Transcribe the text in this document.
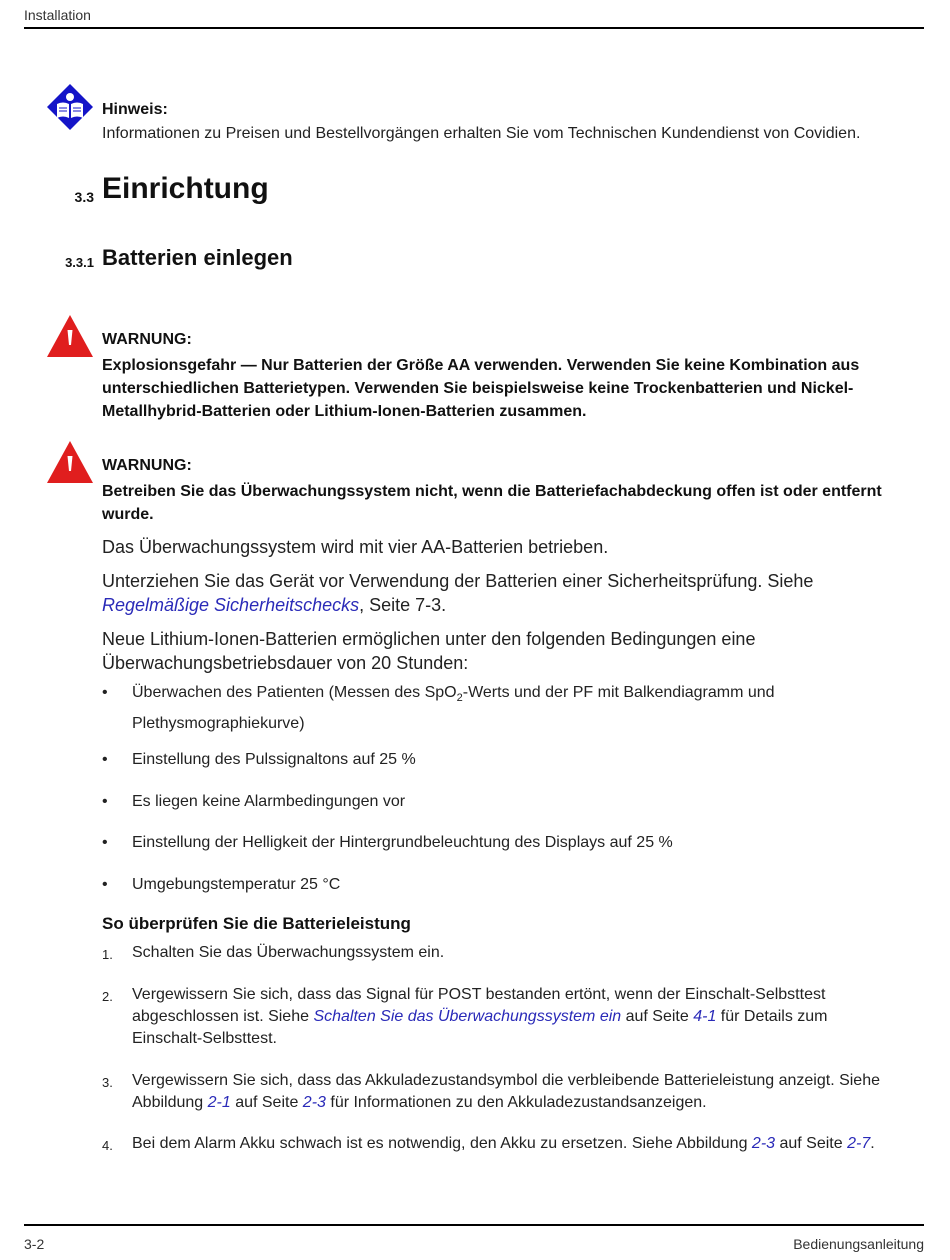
Installation
Hinweis:
Informationen zu Preisen und Bestellvorgängen erhalten Sie vom Technischen Kundendienst von Covidien.
3.3 Einrichtung
3.3.1 Batterien einlegen
WARNUNG:
Explosionsgefahr — Nur Batterien der Größe AA verwenden. Verwenden Sie keine Kombination aus unterschiedlichen Batterietypen. Verwenden Sie beispielsweise keine Trockenbatterien und Nickel-Metallhybrid-Batterien oder Lithium-Ionen-Batterien zusammen.
WARNUNG:
Betreiben Sie das Überwachungssystem nicht, wenn die Batteriefachabdeckung offen ist oder entfernt wurde.
Das Überwachungssystem wird mit vier AA-Batterien betrieben.
Unterziehen Sie das Gerät vor Verwendung der Batterien einer Sicherheitsprüfung. Siehe Regelmäßige Sicherheitschecks, Seite 7-3.
Neue Lithium-Ionen-Batterien ermöglichen unter den folgenden Bedingungen eine Überwachungsbetriebsdauer von 20 Stunden:
• Überwachen des Patienten (Messen des SpO$_2$-Werts und der PF mit Balkendiagramm und Plethysmographiekurve)
• Einstellung des Pulssignaltons auf 25 %
• Es liegen keine Alarmbedingungen vor
• Einstellung der Helligkeit der Hintergrundbeleuchtung des Displays auf 25 %
• Umgebungstemperatur 25 °C
So überprüfen Sie die Batterieleistung
1. Schalten Sie das Überwachungssystem ein.
2. Vergewissern Sie sich, dass das Signal für POST bestanden ertönt, wenn der Einschalt-Selbsttest abgeschlossen ist. Siehe Schalten Sie das Überwachungssystem ein auf Seite 4-1 für Details zum Einschalt-Selbsttest.
3. Vergewissern Sie sich, dass das Akkuladezustandsymbol die verbleibende Batterieleistung anzeigt. Siehe Abbildung 2-1 auf Seite 2-3 für Informationen zu den Akkuladezustandsanzeigen.
4. Bei dem Alarm Akku schwach ist es notwendig, den Akku zu ersetzen. Siehe Abbildung 2-3 auf Seite 2-7.
3-2	Bedienungsanleitung
